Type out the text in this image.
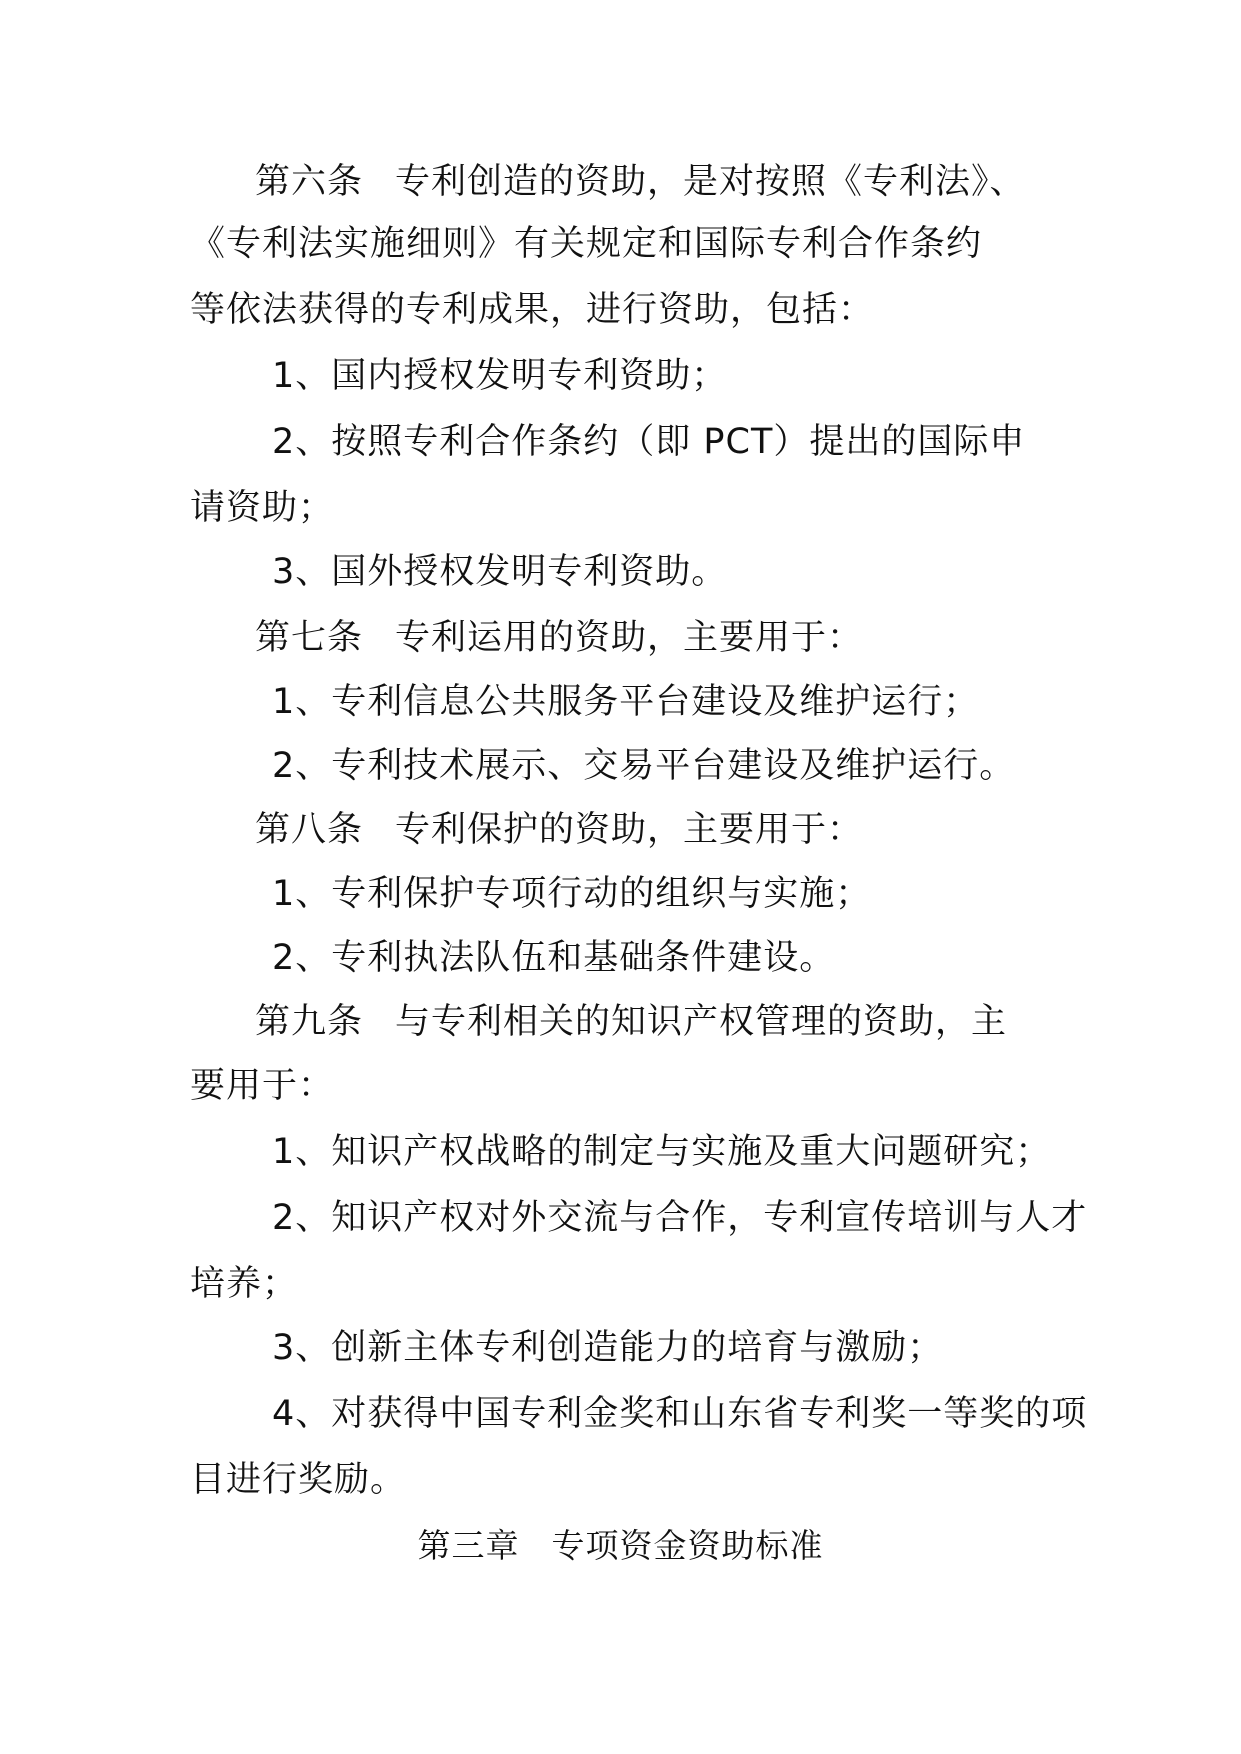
第六条 专利创造的资助，是对按照《专利法》、
《专利法实施细则》有关规定和国际专利合作条约
等依法获得的专利成果，进行资助，包括：
1、国内授权发明专利资助；
2、按照专利合作条约（即 PCT）提出的国际申
请资助；
3、国外授权发明专利资助。
第七条 专利运用的资助，主要用于：
1、专利信息公共服务平台建设及维护运行；
2、专利技术展示、交易平台建设及维护运行。
第八条 专利保护的资助，主要用于：
1、专利保护专项行动的组织与实施；
2、专利执法队伍和基础条件建设。
第九条 与专利相关的知识产权管理的资助，主
要用于：
1、知识产权战略的制定与实施及重大问题研究；
2、知识产权对外交流与合作，专利宣传培训与人才
培养；
3、创新主体专利创造能力的培育与激励；
4、对获得中国专利金奖和山东省专利奖一等奖的项
目进行奖励。
第三章 专项资金资助标准
